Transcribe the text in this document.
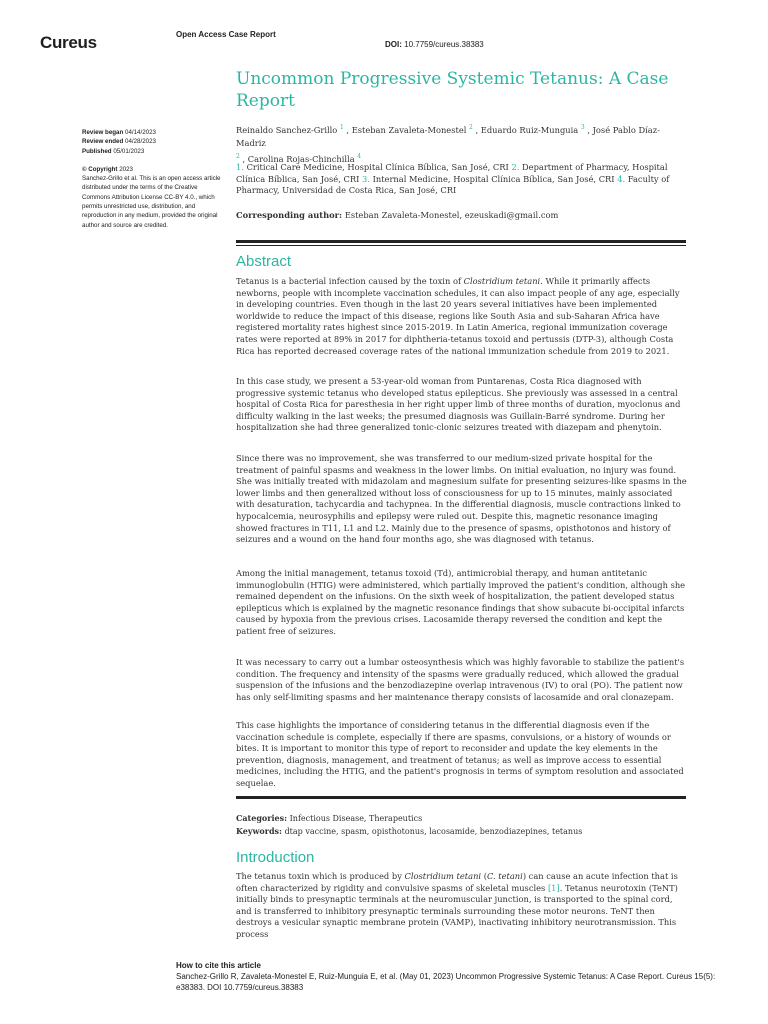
Cureus	Open Access Case Report
DOI: 10.7759/cureus.38383
Uncommon Progressive Systemic Tetanus: A Case Report
Reinaldo Sanchez-Grillo $^1$ , Esteban Zavaleta-Monestel $^2$ , Eduardo Ruiz-Munguia $^3$ , José Pablo Díaz-Madriz
$^2$ , Carolina Rojas-Chinchilla $^4$
1. Critical Care Medicine, Hospital Clínica Bíblica, San José, CRI 2. Department of Pharmacy, Hospital Clínica Bíblica, San José, CRI 3. Internal Medicine, Hospital Clínica Bíblica, San José, CRI 4. Faculty of Pharmacy, Universidad de Costa Rica, San José, CRI
Corresponding author: Esteban Zavaleta-Monestel, ezeuskadi@gmail.com
Review began 04/14/2023
Review ended 04/28/2023
Published 05/01/2023
© Copyright 2023
Sanchez-Grillo et al. This is an open access article distributed under the terms of the Creative Commons Attribution License CC-BY 4.0., which permits unrestricted use, distribution, and reproduction in any medium, provided the original author and source are credited.
Abstract
Tetanus is a bacterial infection caused by the toxin of Clostridium tetani. While it primarily affects newborns, people with incomplete vaccination schedules, it can also impact people of any age, especially in developing countries. Even though in the last 20 years several initiatives have been implemented worldwide to reduce the impact of this disease, regions like South Asia and sub-Saharan Africa have registered mortality rates highest since 2015-2019. In Latin America, regional immunization coverage rates were reported at 89% in 2017 for diphtheria-tetanus toxoid and pertussis (DTP-3), although Costa Rica has reported decreased coverage rates of the national immunization schedule from 2019 to 2021.
In this case study, we present a 53-year-old woman from Puntarenas, Costa Rica diagnosed with progressive systemic tetanus who developed status epilepticus. She previously was assessed in a central hospital of Costa Rica for paresthesia in her right upper limb of three months of duration, myoclonus and difficulty walking in the last weeks; the presumed diagnosis was Guillain-Barré syndrome. During her hospitalization she had three generalized tonic-clonic seizures treated with diazepam and phenytoin.
Since there was no improvement, she was transferred to our medium-sized private hospital for the treatment of painful spasms and weakness in the lower limbs. On initial evaluation, no injury was found. She was initially treated with midazolam and magnesium sulfate for presenting seizures-like spasms in the lower limbs and then generalized without loss of consciousness for up to 15 minutes, mainly associated with desaturation, tachycardia and tachypnea. In the differential diagnosis, muscle contractions linked to hypocalcemia, neurosyphilis and epilepsy were ruled out. Despite this, magnetic resonance imaging showed fractures in T11, L1 and L2. Mainly due to the presence of spasms, opisthotonos and history of seizures and a wound on the hand four months ago, she was diagnosed with tetanus.
Among the initial management, tetanus toxoid (Td), antimicrobial therapy, and human antitetanic immunoglobulin (HTIG) were administered, which partially improved the patient's condition, although she remained dependent on the infusions. On the sixth week of hospitalization, the patient developed status epilepticus which is explained by the magnetic resonance findings that show subacute bi-occipital infarcts caused by hypoxia from the previous crises. Lacosamide therapy reversed the condition and kept the patient free of seizures.
It was necessary to carry out a lumbar osteosynthesis which was highly favorable to stabilize the patient's condition. The frequency and intensity of the spasms were gradually reduced, which allowed the gradual suspension of the infusions and the benzodiazepine overlap intravenous (IV) to oral (PO). The patient now has only self-limiting spasms and her maintenance therapy consists of lacosamide and oral clonazepam.
This case highlights the importance of considering tetanus in the differential diagnosis even if the vaccination schedule is complete, especially if there are spasms, convulsions, or a history of wounds or bites. It is important to monitor this type of report to reconsider and update the key elements in the prevention, diagnosis, management, and treatment of tetanus; as well as improve access to essential medicines, including the HTIG, and the patient's prognosis in terms of symptom resolution and associated sequelae.
Categories: Infectious Disease, Therapeutics
Keywords: dtap vaccine, spasm, opisthotonus, lacosamide, benzodiazepines, tetanus
Introduction
The tetanus toxin which is produced by Clostridium tetani (C. tetani) can cause an acute infection that is often characterized by rigidity and convulsive spasms of skeletal muscles [1]. Tetanus neurotoxin (TeNT) initially binds to presynaptic terminals at the neuromuscular junction, is transported to the spinal cord, and is transferred to inhibitory presynaptic terminals surrounding these motor neurons. TeNT then destroys a vesicular synaptic membrane protein (VAMP), inactivating inhibitory neurotransmission. This process
How to cite this article
Sanchez-Grillo R, Zavaleta-Monestel E, Ruiz-Munguia E, et al. (May 01, 2023) Uncommon Progressive Systemic Tetanus: A Case Report. Cureus 15(5): e38383. DOI 10.7759/cureus.38383
